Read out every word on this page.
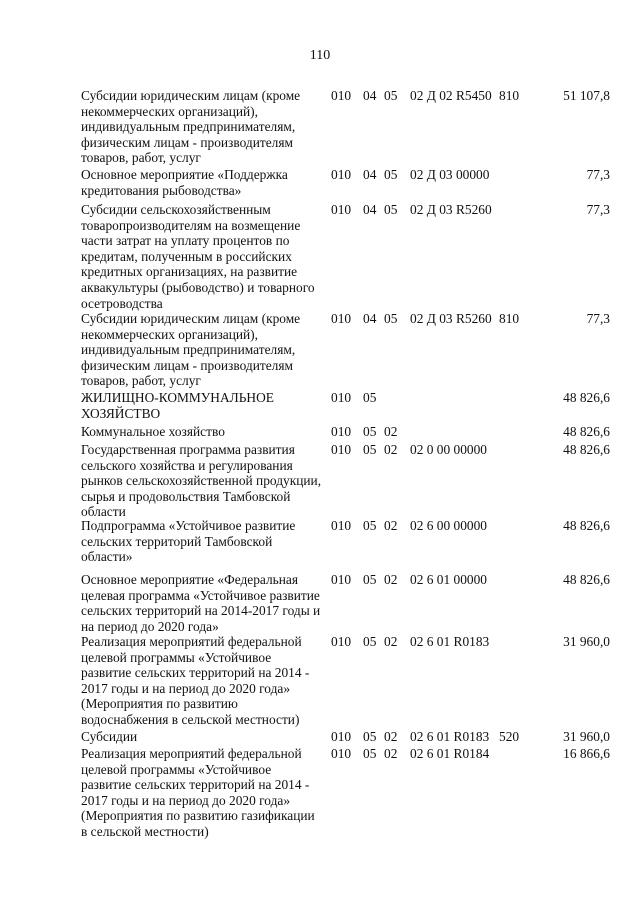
110
Субсидии юридическим лицам (кроме
некоммерческих организаций),
индивидуальным предпринимателям,
физическим лицам - производителям
товаров, работ, услуг
010 04 05 02 Д 02 R5450 810	51 107,8
Основное мероприятие «Поддержка
кредитования рыбоводства»
010 04 05 02 Д 03 00000	77,3
Субсидии сельскохозяйственным
товаропроизводителям на возмещение
части затрат на уплату процентов по
кредитам, полученным в российских
кредитных организациях, на развитие
аквакультуры (рыбоводство) и товарного
осетроводства
010 04 05 02 Д 03 R5260	77,3
Субсидии юридическим лицам (кроме
некоммерческих организаций),
индивидуальным предпринимателям,
физическим лицам - производителям
товаров, работ, услуг
010 04 05 02 Д 03 R5260 810	77,3
ЖИЛИЩНО-КОММУНАЛЬНОЕ
ХОЗЯЙСТВО
010 05	48 826,6
Коммунальное хозяйство	010 05 02	48 826,6
Государственная программа развития
сельского хозяйства и регулирования
рынков сельскохозяйственной продукции,
сырья и продовольствия Тамбовской
области
010 05 02 02 0 00 00000	48 826,6
Подпрограмма «Устойчивое развитие
сельских территорий Тамбовской
области»
010 05 02 02 6 00 00000	48 826,6
Основное мероприятие «Федеральная
целевая программа «Устойчивое развитие
сельских территорий на 2014-2017 годы и
на период до 2020 года»
010 05 02 02 6 01 00000	48 826,6
Реализация мероприятий федеральной
целевой программы «Устойчивое
развитие сельских территорий на 2014 -
2017 годы и на период до 2020 года»
(Мероприятия по развитию
водоснабжения в сельской местности)
010 05 02 02 6 01 R0183	31 960,0
Субсидии	010 05 02 02 6 01 R0183 520	31 960,0
Реализация мероприятий федеральной
целевой программы «Устойчивое
развитие сельских территорий на 2014 -
2017 годы и на период до 2020 года»
(Мероприятия по развитию газификации
в сельской местности)
010 05 02 02 6 01 R0184	16 866,6
